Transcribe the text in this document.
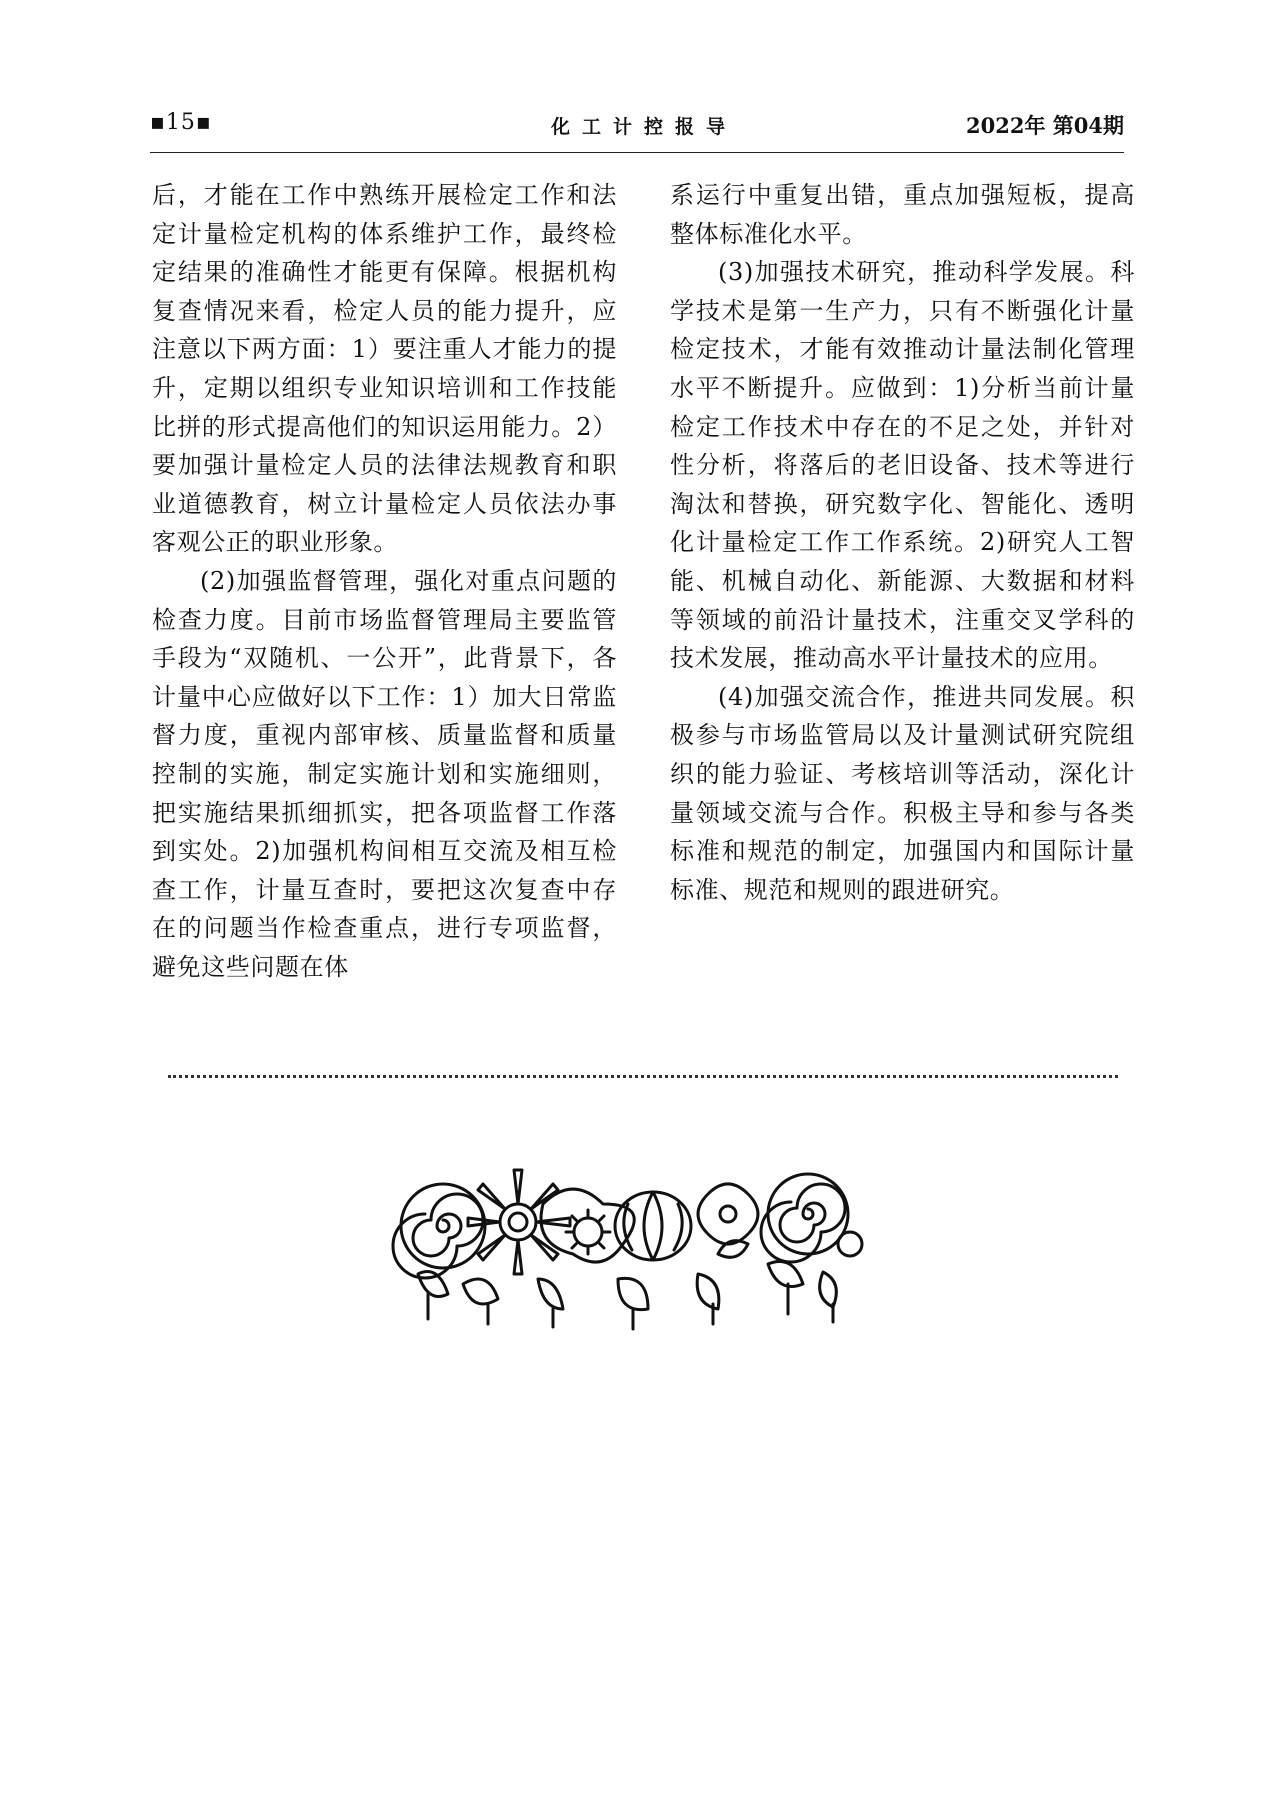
▪15▪	化工计控报导	2022年 第04期

后，才能在工作中熟练开展检定工作和法定计量检定机构的体系维护工作，最终检定结果的准确性才能更有保障。根据机构复查情况来看，检定人员的能力提升，应注意以下两方面：1）要注重人才能力的提升，定期以组织专业知识培训和工作技能比拼的形式提高他们的知识运用能力。2）要加强计量检定人员的法律法规教育和职业道德教育，树立计量检定人员依法办事客观公正的职业形象。

(2)加强监督管理，强化对重点问题的检查力度。目前市场监督管理局主要监管手段为“双随机、一公开”，此背景下，各计量中心应做好以下工作：1）加大日常监督力度，重视内部审核、质量监督和质量控制的实施，制定实施计划和实施细则，把实施结果抓细抓实，把各项监督工作落到实处。2)加强机构间相互交流及相互检查工作，计量互查时，要把这次复查中存在的问题当作检查重点，进行专项监督，避免这些问题在体

系运行中重复出错，重点加强短板，提高整体标准化水平。

(3)加强技术研究，推动科学发展。科学技术是第一生产力，只有不断强化计量检定技术，才能有效推动计量法制化管理水平不断提升。应做到：1)分析当前计量检定工作技术中存在的不足之处，并针对性分析，将落后的老旧设备、技术等进行淘汰和替换，研究数字化、智能化、透明化计量检定工作工作系统。2)研究人工智能、机械自动化、新能源、大数据和材料等领域的前沿计量技术，注重交叉学科的技术发展，推动高水平计量技术的应用。

(4)加强交流合作，推进共同发展。积极参与市场监管局以及计量测试研究院组织的能力验证、考核培训等活动，深化计量领域交流与合作。积极主导和参与各类标准和规范的制定，加强国内和国际计量标准、规范和规则的跟进研究。
